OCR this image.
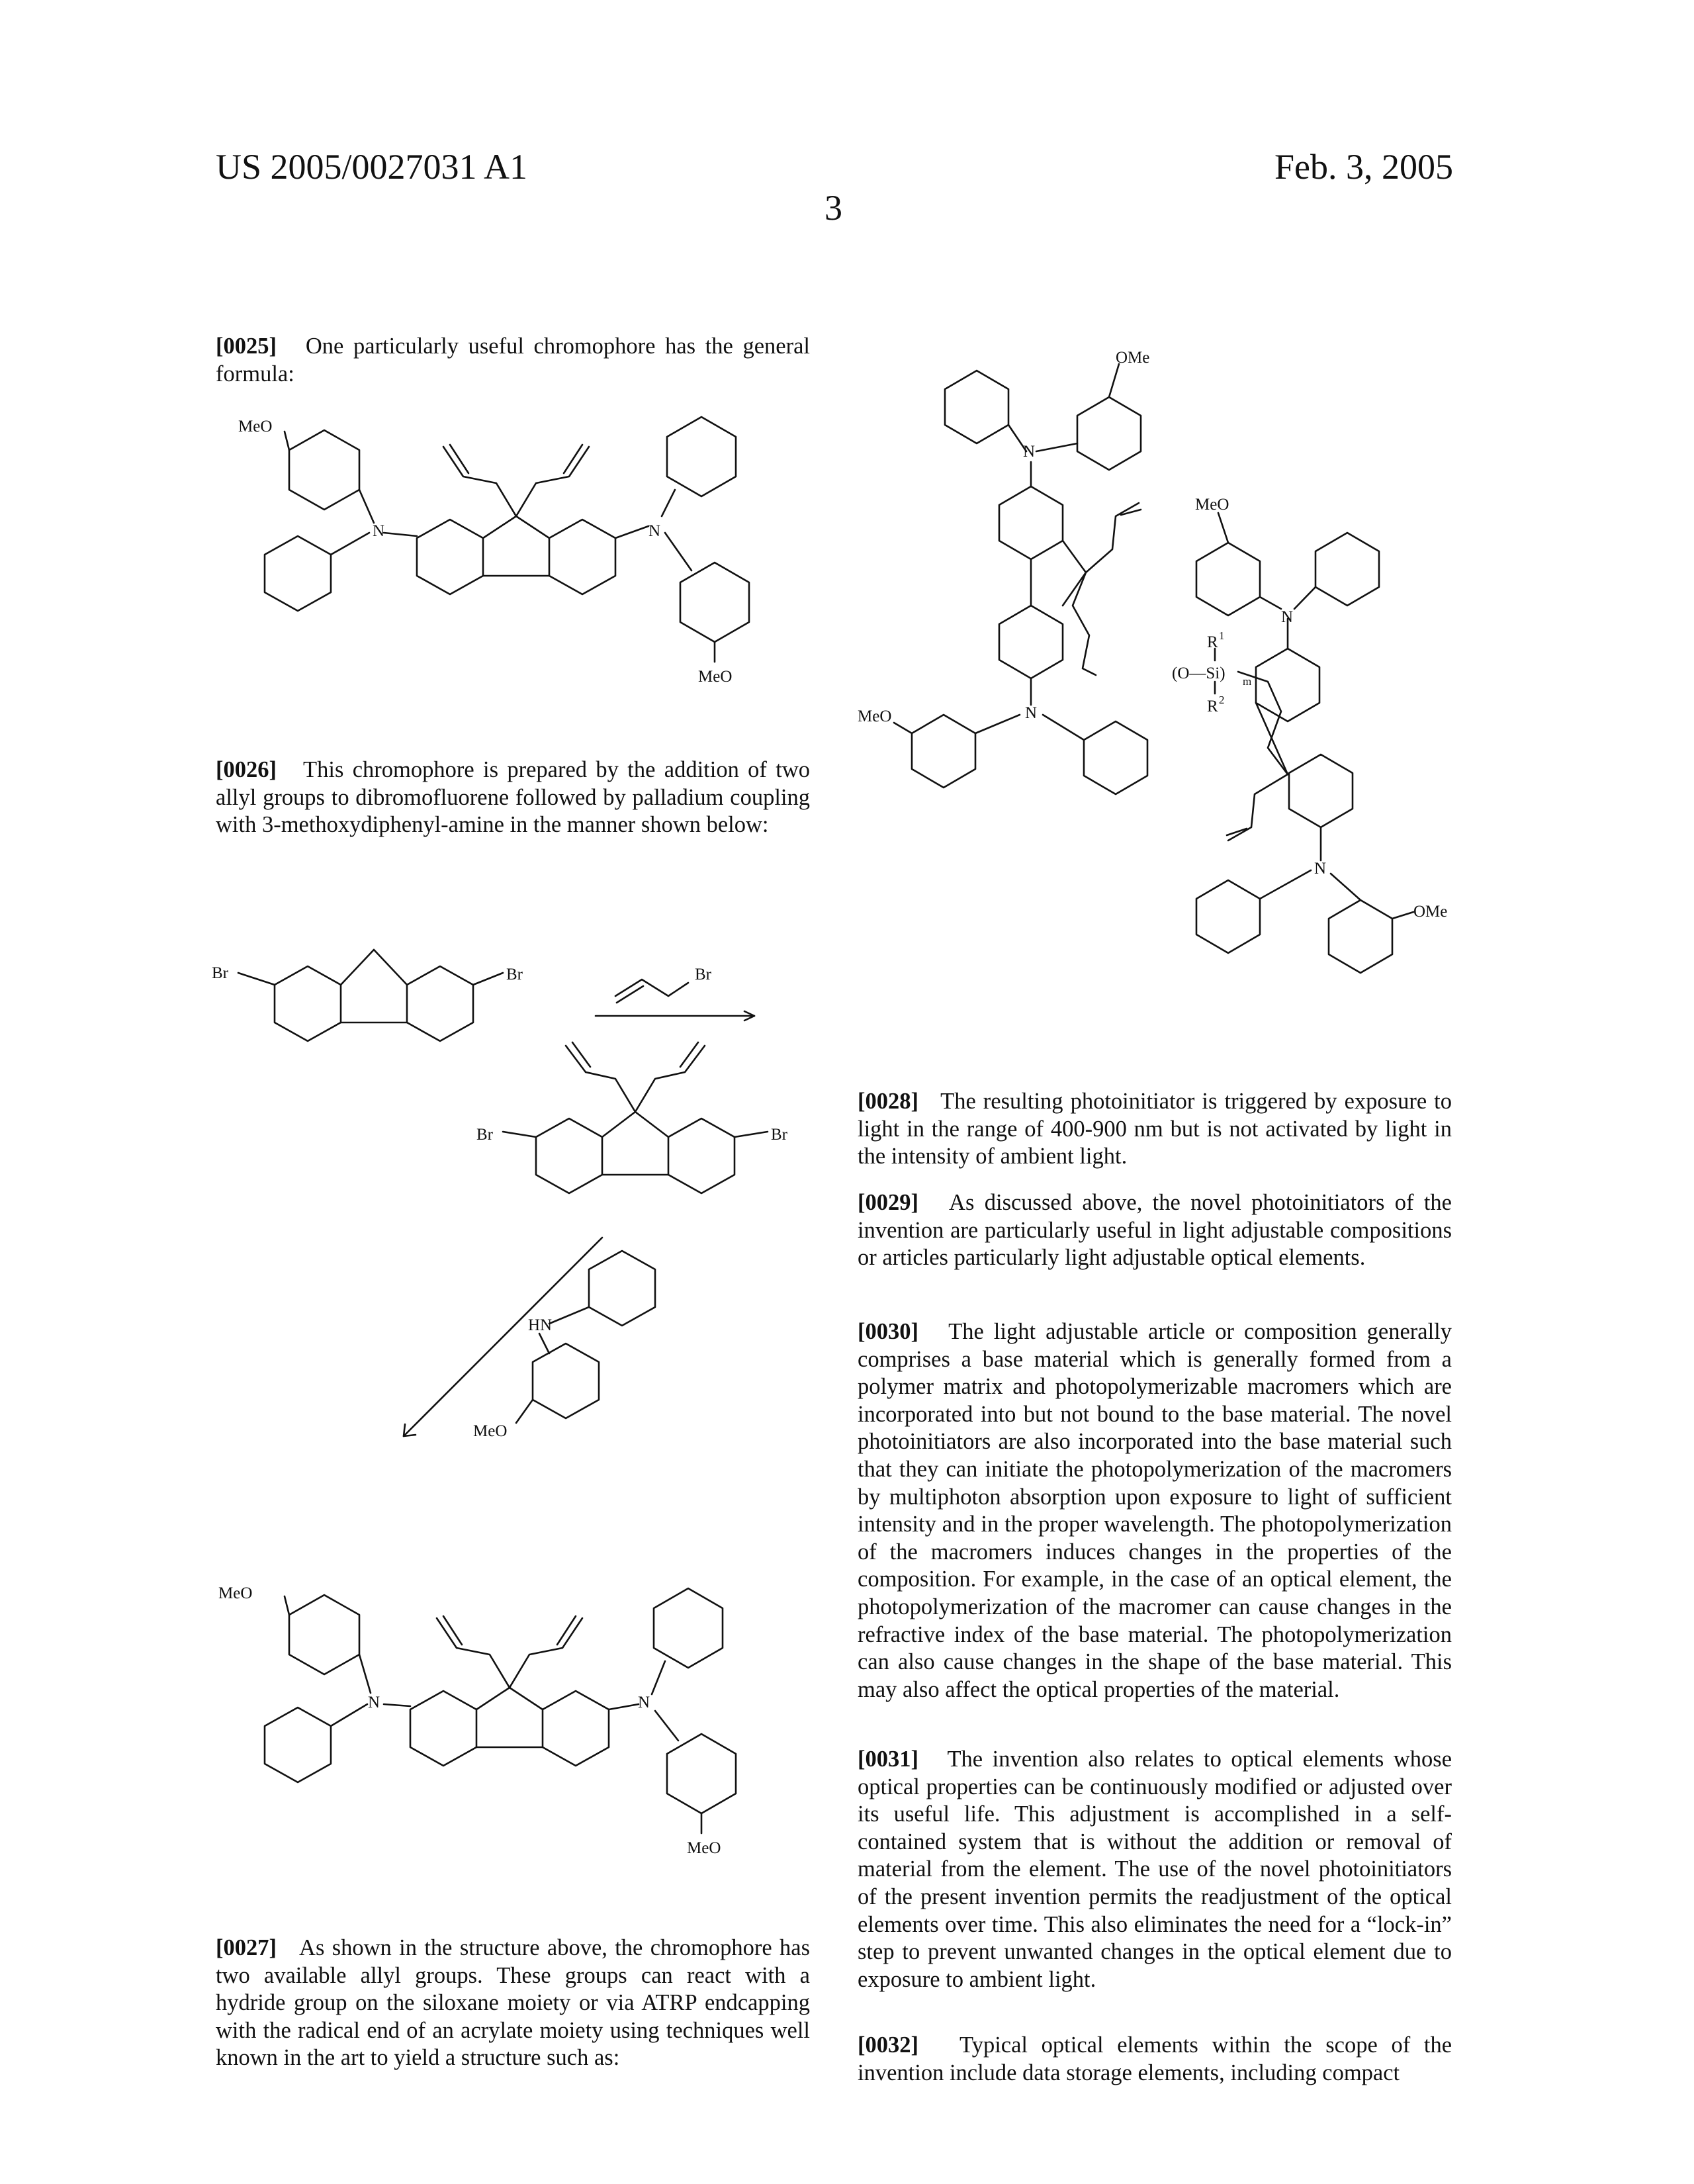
US 2005/0027031 A1
3
Feb. 3, 2005

[0025] One particularly useful chromophore has the general formula:

[0026] This chromophore is prepared by the addition of two allyl groups to dibromofluorene followed by palladium coupling with 3-methoxydiphenyl-amine in the manner shown below:

[0027] As shown in the structure above, the chromophore has two available allyl groups. These groups can react with a hydride group on the siloxane moiety or via ATRP endcapping with the radical end of an acrylate moiety using techniques well known in the art to yield a structure such as:

[0028] The resulting photoinitiator is triggered by exposure to light in the range of 400-900 nm but is not activated by light in the intensity of ambient light.

[0029] As discussed above, the novel photoinitiators of the invention are particularly useful in light adjustable compositions or articles particularly light adjustable optical elements.

[0030] The light adjustable article or composition generally comprises a base material which is generally formed from a polymer matrix and photopolymerizable macromers which are incorporated into but not bound to the base material. The novel photoinitiators are also incorporated into the base material such that they can initiate the photopolymerization of the macromers by multiphoton absorption upon exposure to light of sufficient intensity and in the proper wavelength. The photopolymerization of the macromers induces changes in the properties of the composition. For example, in the case of an optical element, the photopolymerization of the macromer can cause changes in the refractive index of the base material. The photopolymerization can also cause changes in the shape of the base material. This may also affect the optical properties of the material.

[0031] The invention also relates to optical elements whose optical properties can be continuously modified or adjusted over its useful life. This adjustment is accomplished in a self-contained system that is without the addition or removal of material from the element. The use of the novel photoinitiators of the present invention permits the readjustment of the optical elements over time. This also eliminates the need for a “lock-in” step to prevent unwanted changes in the optical element due to exposure to ambient light.

[0032] Typical optical elements within the scope of the invention include data storage elements, including compact

MeO
N	N
MeO
Br	Br	Br
Br	Br
HN
MeO
MeO
N	N
MeO
OMe
N
MeO	N
(O—Si) m
R 1
R 2
MeO
N
N
OMe
